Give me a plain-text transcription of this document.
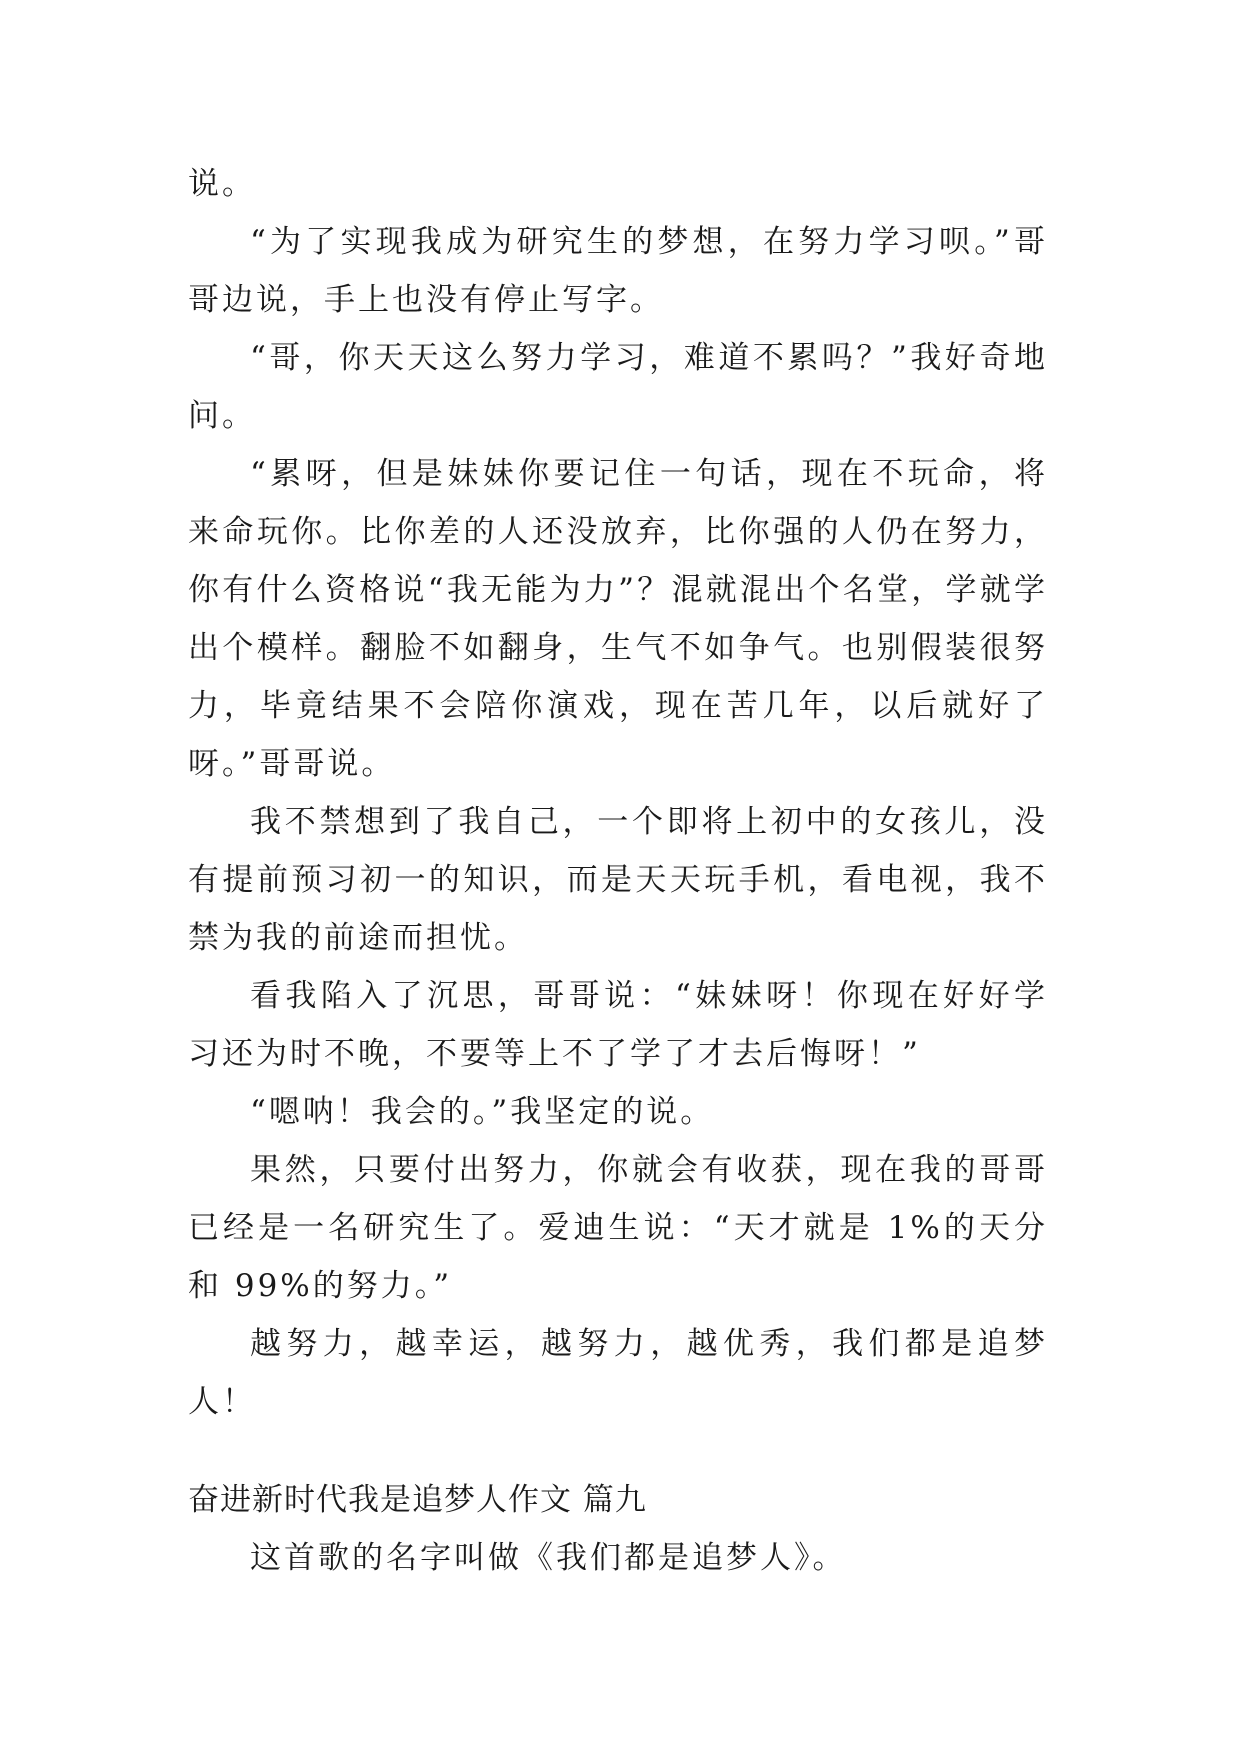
说。

“为了实现我成为研究生的梦想，在努力学习呗。”哥哥边说，手上也没有停止写字。

“哥，你天天这么努力学习，难道不累吗？”我好奇地问。

“累呀，但是妹妹你要记住一句话，现在不玩命，将来命玩你。比你差的人还没放弃，比你强的人仍在努力，你有什么资格说“我无能为力”？混就混出个名堂，学就学出个模样。翻脸不如翻身，生气不如争气。也别假装很努力，毕竟结果不会陪你演戏，现在苦几年，以后就好了呀。”哥哥说。

我不禁想到了我自己，一个即将上初中的女孩儿，没有提前预习初一的知识，而是天天玩手机，看电视，我不禁为我的前途而担忧。

看我陷入了沉思，哥哥说：“妹妹呀！你现在好好学习还为时不晚，不要等上不了学了才去后悔呀！”

“嗯呐！我会的。”我坚定的说。

果然，只要付出努力，你就会有收获，现在我的哥哥已经是一名研究生了。爱迪生说：“天才就是 1%的天分和 99%的努力。”

越努力，越幸运，越努力，越优秀，我们都是追梦人！

奋进新时代我是追梦人作文 篇九

这首歌的名字叫做《我们都是追梦人》。
